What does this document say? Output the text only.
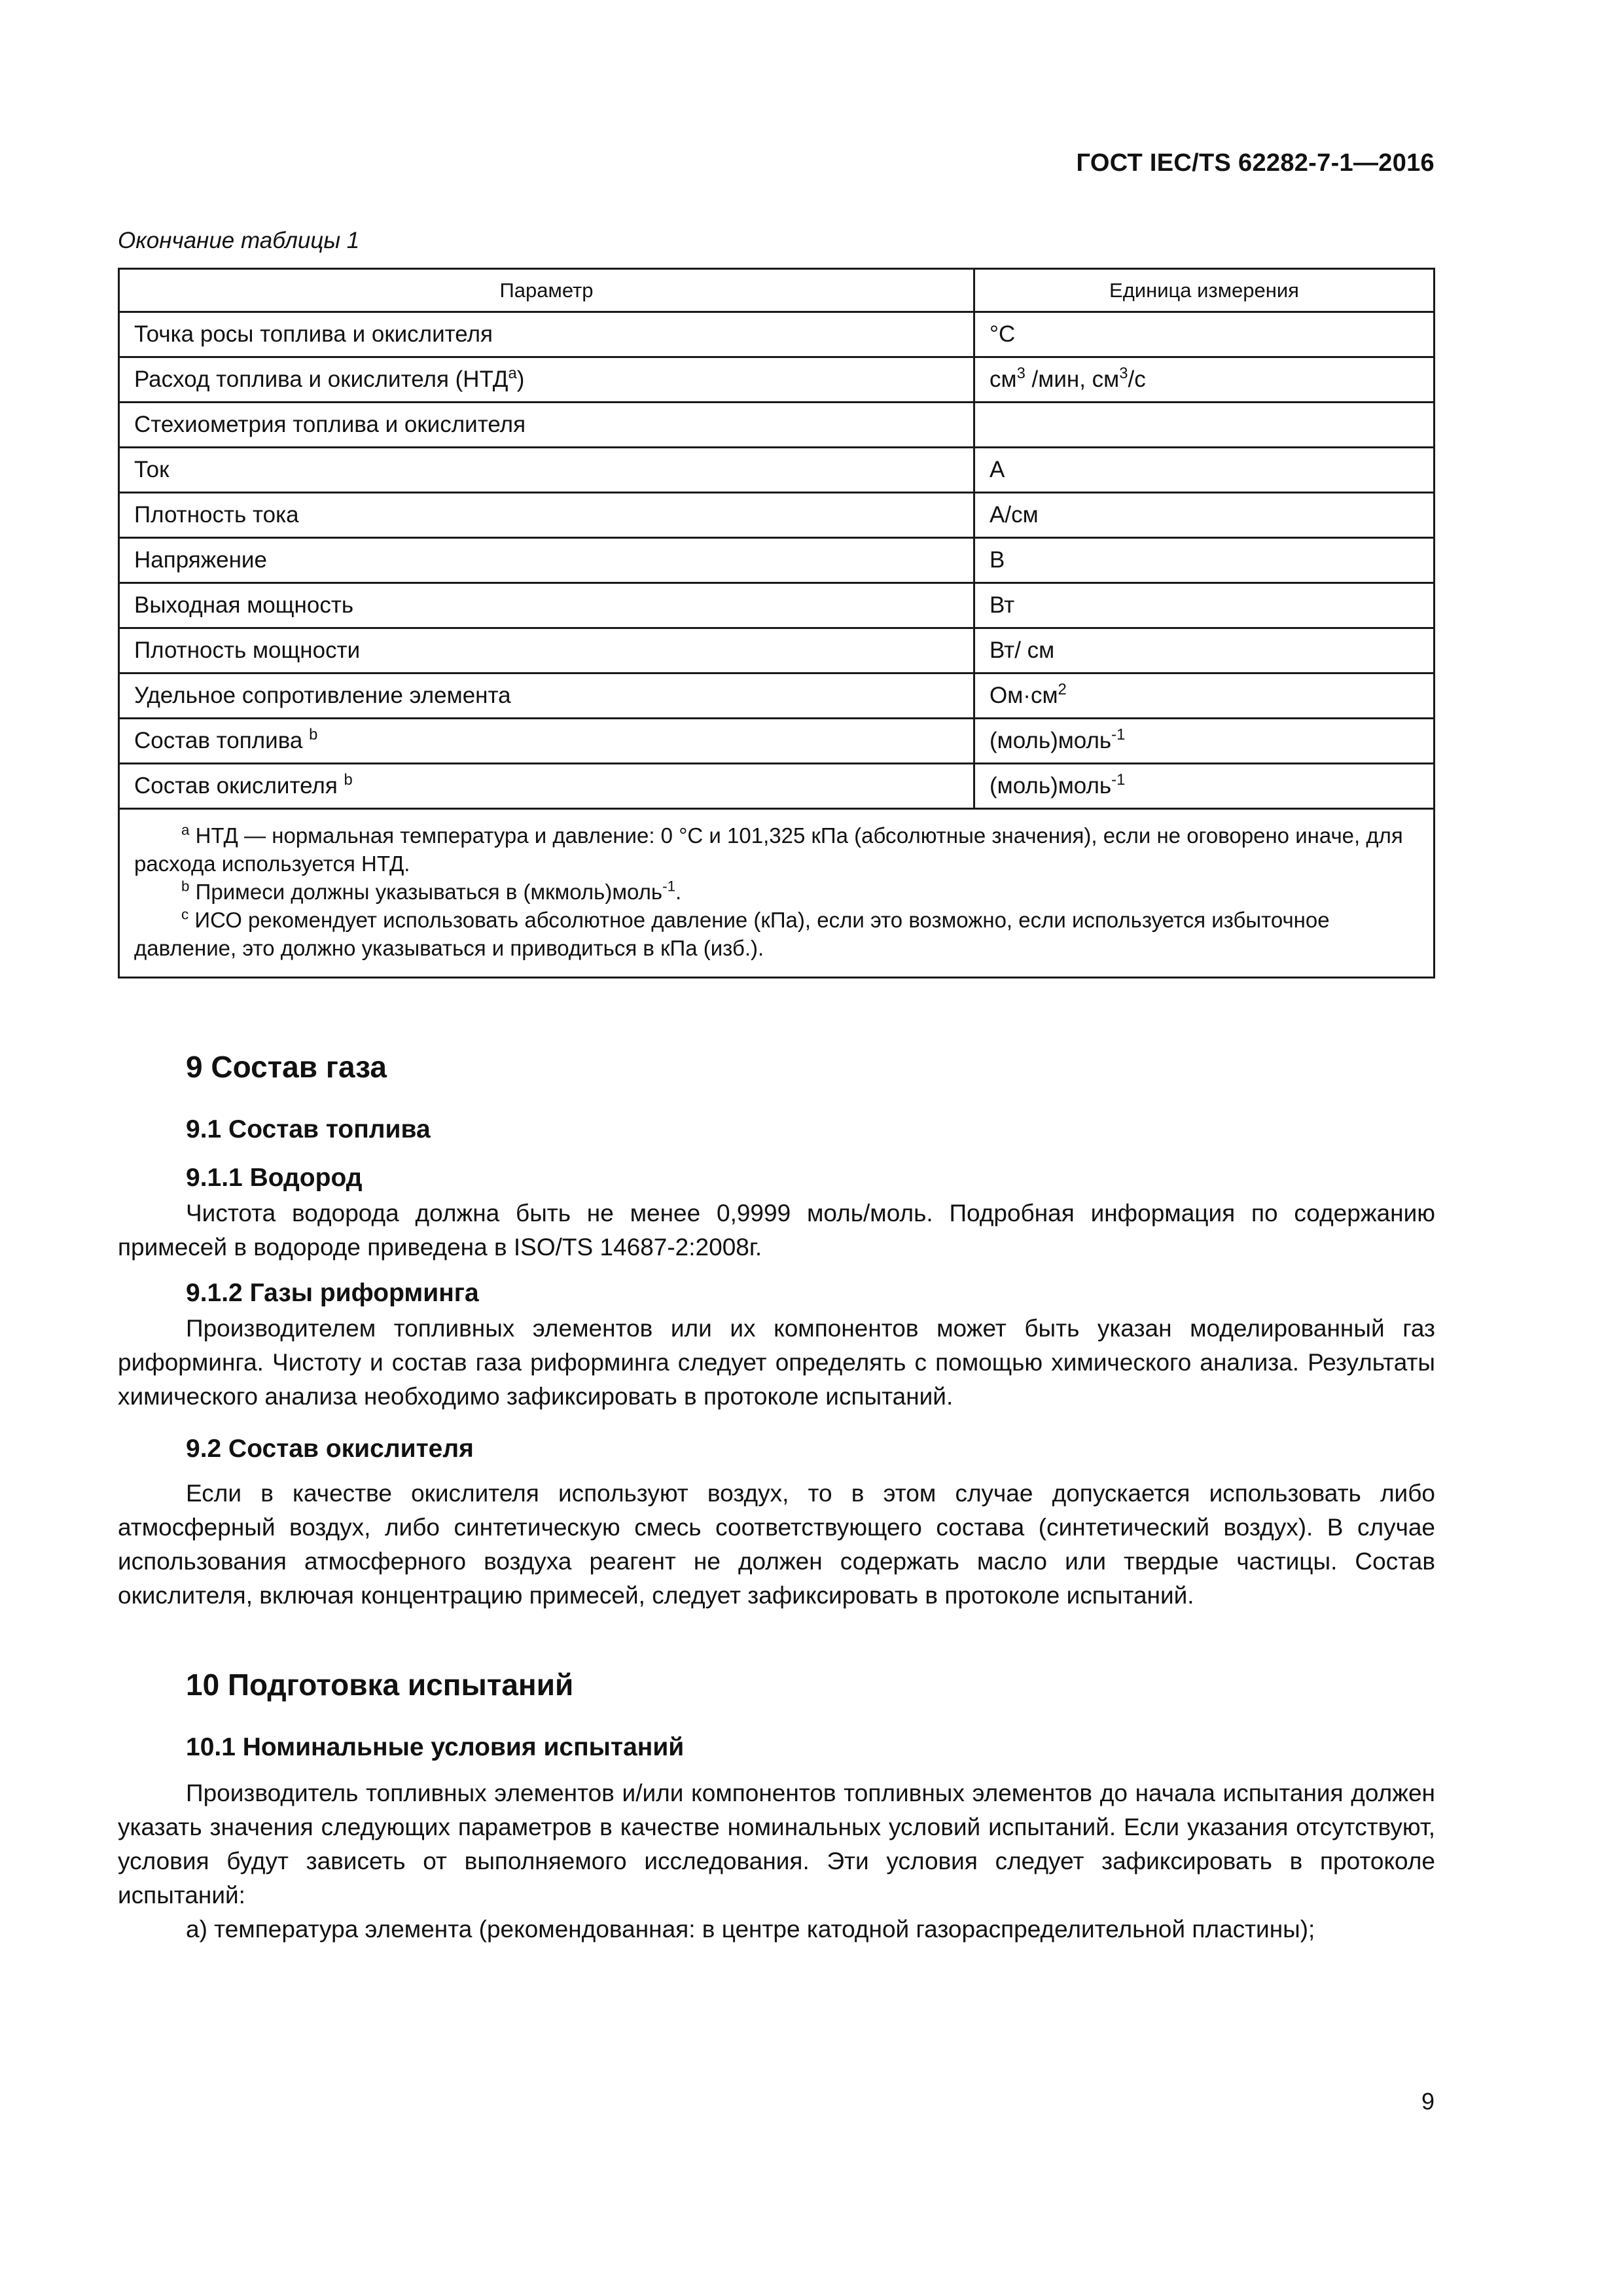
ГОСТ IEC/TS 62282-7-1—2016
Окончание таблицы 1
Параметр	Единица измерения
Точка росы топлива и окислителя	°C
Расход топлива и окислителя (НТД$^a$)	$см^3$ /мин, $см^3/с$
Стехиометрия топлива и окислителя	
Ток	А
Плотность тока	А/см
Напряжение	В
Выходная мощность	Вт
Плотность мощности	Вт/ см
Удельное сопротивление элемента	$Ом\cdot см^2$
Состав топлива $^b$	(моль)моль$^{-1}$
Состав окислителя $^b$	(моль)моль$^{-1}$

$^a$ НТД — нормальная температура и давление: 0 °С и 101,325 кПа (абсолютные значения), если не оговорено иначе, для расхода используется НТД.

$^b$ Примеси должны указываться в (мкмоль)моль$^{-1}$.

$^c$ ИСО рекомендует использовать абсолютное давление (кПа), если это возможно, если используется избыточное давление, это должно указываться и приводиться в кПа (изб.).	

9 Состав газа
9.1 Состав топлива
9.1.1 Водород

Чистота водорода должна быть не менее 0,9999 моль/моль. Подробная информация по содержанию примесей в водороде приведена в ISO/TS 14687-2:2008г.

9.1.2 Газы риформинга

Производителем топливных элементов или их компонентов может быть указан моделированный газ риформинга. Чистоту и состав газа риформинга следует определять с помощью химического анализа. Результаты химического анализа необходимо зафиксировать в протоколе испытаний.

9.2 Состав окислителя

Если в качестве окислителя используют воздух, то в этом случае допускается использовать либо атмосферный воздух, либо синтетическую смесь соответствующего состава (синтетический воздух). В случае использования атмосферного воздуха реагент не должен содержать масло или твердые частицы. Состав окислителя, включая концентрацию примесей, следует зафиксировать в протоколе испытаний.

10 Подготовка испытаний
10.1 Номинальные условия испытаний

Производитель топливных элементов и/или компонентов топливных элементов до начала испытания должен указать значения следующих параметров в качестве номинальных условий испытаний. Если указания отсутствуют, условия будут зависеть от выполняемого исследования. Эти условия следует зафиксировать в протоколе испытаний:

а) температура элемента (рекомендованная: в центре катодной газораспределительной пластины);

9
